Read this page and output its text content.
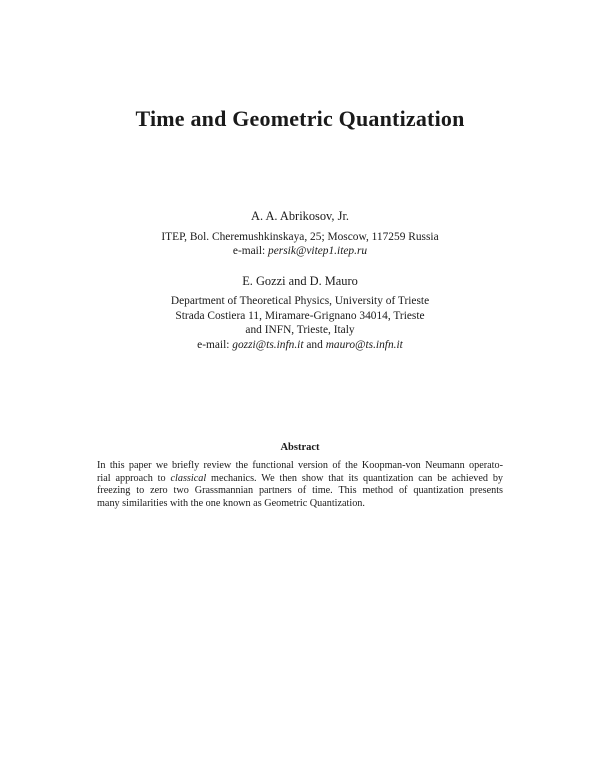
Time and Geometric Quantization
A. A. Abrikosov, Jr.
ITEP, Bol. Cheremushkinskaya, 25; Moscow, 117259 Russia
e-mail: persik@vitep1.itep.ru
E. Gozzi and D. Mauro
Department of Theoretical Physics, University of Trieste
Strada Costiera 11, Miramare-Grignano 34014, Trieste
and INFN, Trieste, Italy
e-mail: gozzi@ts.infn.it and mauro@ts.infn.it
Abstract
In this paper we briefly review the functional version of the Koopman-von Neumann operato-
rial approach to classical mechanics. We then show that its quantization can be achieved by
freezing to zero two Grassmannian partners of time. This method of quantization presents
many similarities with the one known as Geometric Quantization.
